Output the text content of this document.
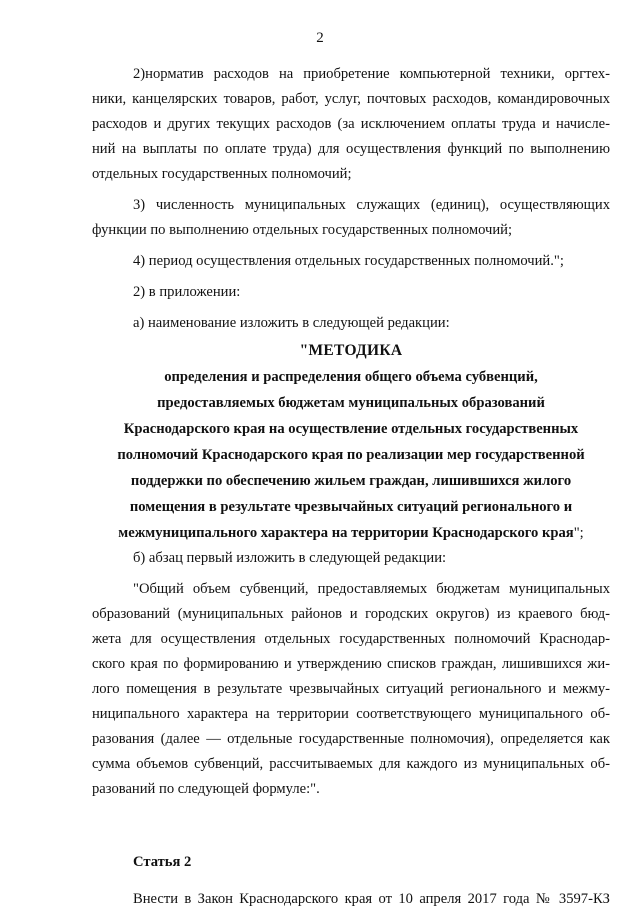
2
2)норматив расходов на приобретение компьютерной техники, оргтех-
ники, канцелярских товаров, работ, услуг, почтовых расходов, командировочных
расходов и других текущих расходов (за исключением оплаты труда и начисле-
ний на выплаты по оплате труда) для осуществления функций по выполнению
отдельных государственных полномочий;
3) численность муниципальных служащих (единиц), осуществляющих
функции по выполнению отдельных государственных полномочий;
4) период осуществления отдельных государственных полномочий.";
2) в приложении:
а) наименование изложить в следующей редакции:
"МЕТОДИКА
определения и распределения общего объема субвенций,
предоставляемых бюджетам муниципальных образований
Краснодарского края на осуществление отдельных государственных
полномочий Краснодарского края по реализации мер государственной
поддержки по обеспечению жильем граждан, лишившихся жилого
помещения в результате чрезвычайных ситуаций регионального и
межмуниципального характера на территории Краснодарского края";
б) абзац первый изложить в следующей редакции:
"Общий объем субвенций, предоставляемых бюджетам муниципальных
образований (муниципальных районов и городских округов) из краевого бюд-
жета для осуществления отдельных государственных полномочий Краснодар-
ского края по формированию и утверждению списков граждан, лишившихся жи-
лого помещения в результате чрезвычайных ситуаций регионального и межму-
ниципального характера на территории соответствующего муниципального об-
разования (далее — отдельные государственные полномочия), определяется как
сумма объемов субвенций, рассчитываемых для каждого из муниципальных об-
разований по следующей формуле:".
Статья 2
Внести в Закон Краснодарского края от 10 апреля 2017 года № 3597-КЗ
